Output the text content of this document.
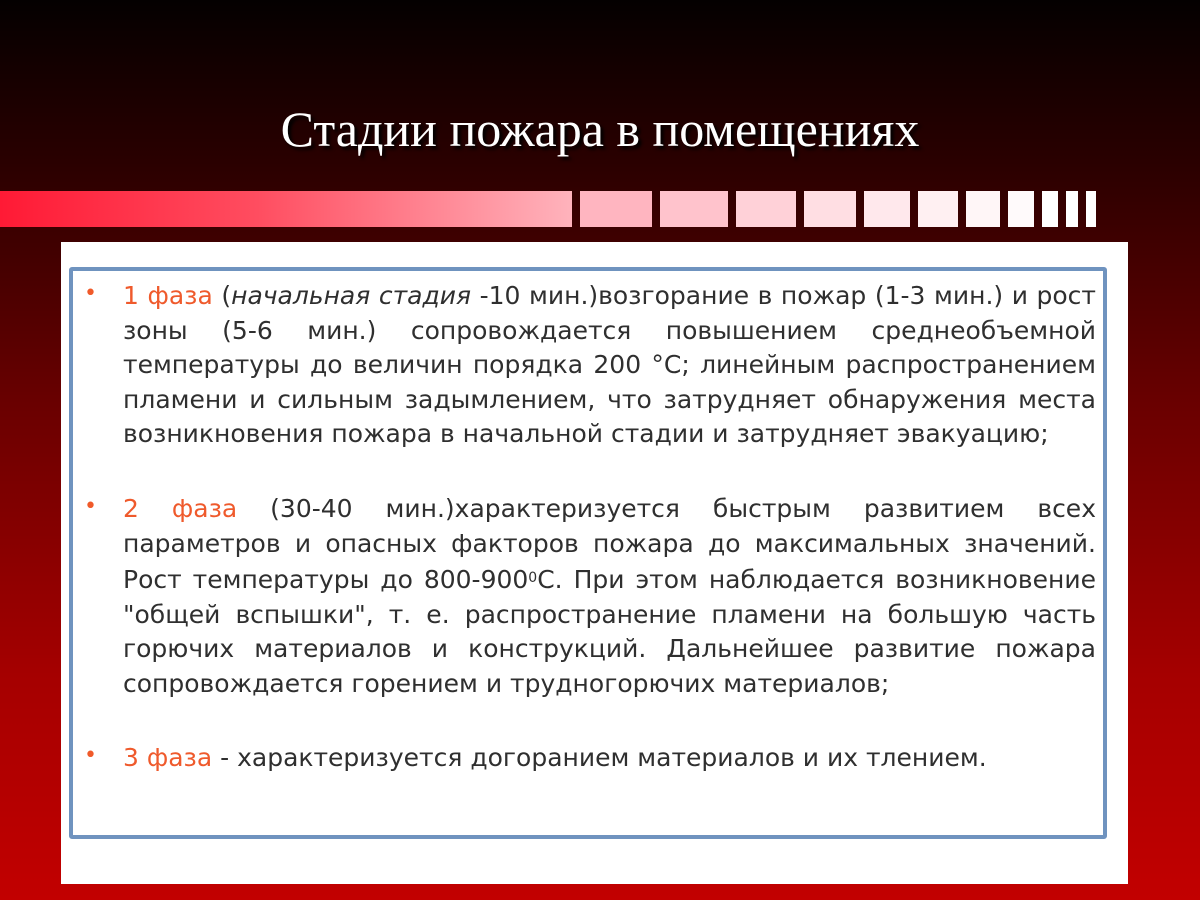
Стадии пожара в помещениях
• 1 фаза (начальная стадия -10 мин.)возгорание в пожар (1-3 мин.) и рост зоны (5-6 мин.) сопровождается повышением среднеобъемной температуры до величин порядка 200 °С; линейным распространением пламени и сильным задымлением, что затрудняет обнаружения места возникновения пожара в начальной стадии и затрудняет эвакуацию;
• 2 фаза (30-40 мин.)характеризуется быстрым развитием всех параметров и опасных факторов пожара до максимальных значений. Рост температуры до $800-900^0С$. При этом наблюдается возникновение "общей вспышки", т. е. распространение пламени на большую часть горючих материалов и конструкций. Дальнейшее развитие пожара сопровождается горением и трудногорючих материалов;
• 3 фаза - характеризуется догоранием материалов и их тлением.
